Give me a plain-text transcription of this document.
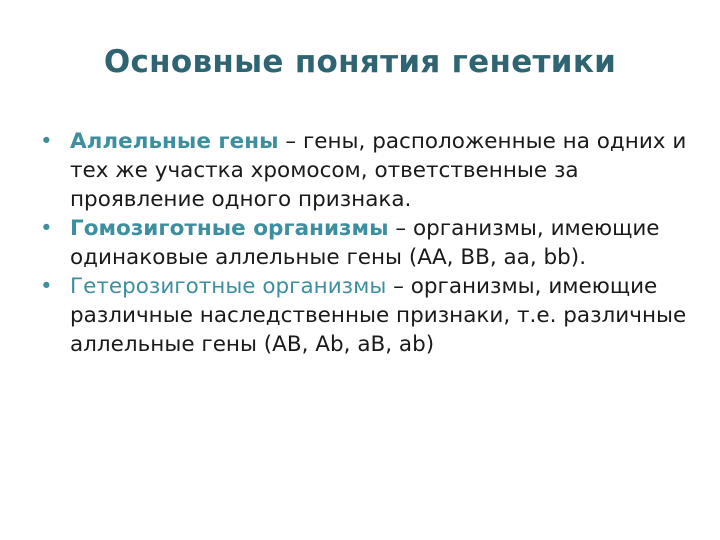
Основные понятия генетики
• Аллельные гены – гены, расположенные на одних и тех же участка хромосом, ответственные за проявление одного признака.
• Гомозиготные организмы – организмы, имеющие одинаковые аллельные гены (АА, ВВ, аа, bb).
• Гетерозиготные организмы – организмы, имеющие различные наследственные признаки, т.е. различные аллельные гены (АВ, Аb, аВ, аb)
